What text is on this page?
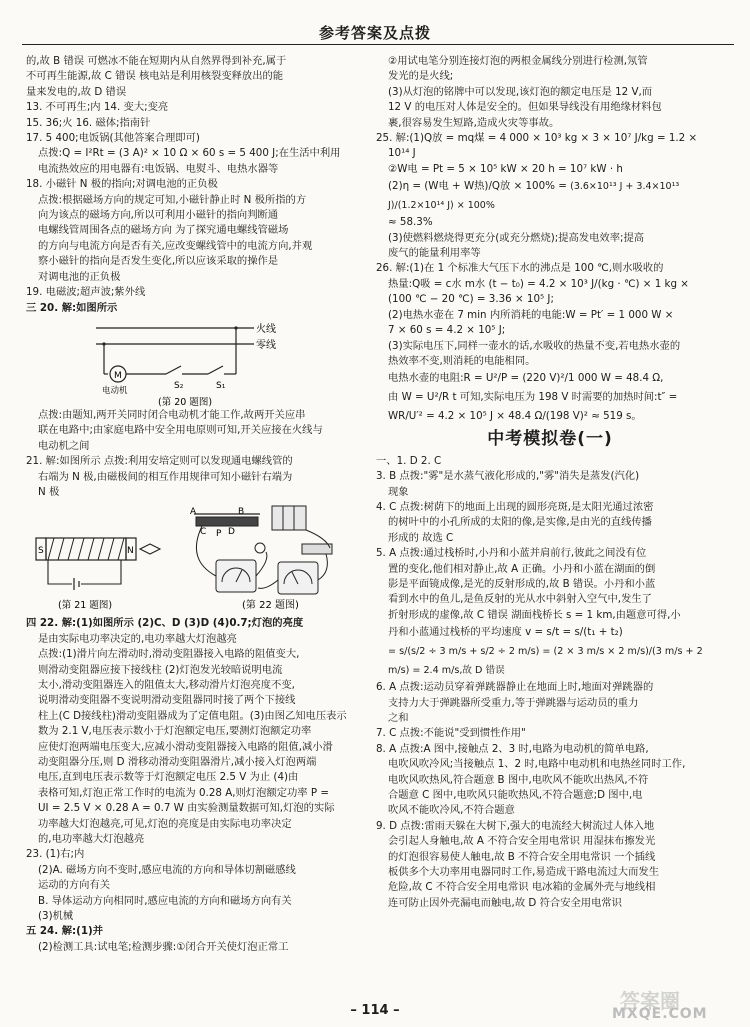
参考答案及点拨

的,故 B 错误 可燃冰不能在短期内从自然界得到补充,属于

不可再生能源,故 C 错误 核电站是利用核裂变释放出的能

量来发电的,故 D 错误

13. 不可再生;内 14. 变大;变亮

15. 36;火 16. 磁体;指南针

17. 5 400;电饭锅(其他答案合理即可)

点拨:Q = I²Rt = (3 A)² × 10 Ω × 60 s = 5 400 J;在生活中利用

电流热效应的用电器有:电饭锅、电熨斗、电热水器等

18. 小磁针 N 极的指向;对调电池的正负极

点拨:根据磁场方向的规定可知,小磁针静止时 N 极所指的方

向为该点的磁场方向,所以可利用小磁针的指向判断通

电螺线管周围各点的磁场方向 为了探究通电螺线管磁场

的方向与电流方向是否有关,应改变螺线管中的电流方向,并观

察小磁针的指向是否发生变化,所以应该采取的操作是

对调电池的正负极

19. 电磁波;超声波;紫外线

三 20. 解:如图所示

火线
零线
M
S₂	S₁
电动机
(第 20 题图)

点拨:由题知,两开关同时闭合电动机才能工作,故两开关应串

联在电路中;由家庭电路中安全用电原则可知,开关应接在火线与

电动机之间

21. 解:如图所示 点拨:利用安培定则可以发现通电螺线管的

右端为 N 极,由磁极间的相互作用规律可知小磁针右端为

N 极

S	N
(第 21 题图)
A	B
C D
P
(第 22 题图)

四 22. 解:(1)如图所示 (2)C、D (3)D (4)0.7;灯泡的亮度

是由实际电功率决定的,电功率越大灯泡越亮

点拨:(1)滑片向左滑动时,滑动变阻器接入电路的阻值变大,

则滑动变阻器应接下接线柱 (2)灯泡发光较暗说明电流

太小,滑动变阻器连入的阻值太大,移动滑片灯泡亮度不变,

说明滑动变阻器不变说明滑动变阻器同时接了两个下接线

柱上(C D接线柱)滑动变阻器成为了定值电阻。(3)由图乙知电压表示

数为 2.1 V,电压表示数小于灯泡额定电压,要测灯泡额定功率

应使灯泡两端电压变大,应减小滑动变阻器接入电路的阻值,减小滑

动变阻器分压,则 D 滑移动滑动变阻器滑片,减小接入灯泡两端

电压,直到电压表示数等于灯泡额定电压 2.5 V 为止 (4)由

表格可知,灯泡正常工作时的电流为 0.28 A,则灯泡额定功率 P =

UI = 2.5 V × 0.28 A = 0.7 W 由实验测量数据可知,灯泡的实际

功率越大灯泡越亮,可见,灯泡的亮度是由实际电功率决定

的,电功率越大灯泡越亮

23. (1)右;内

(2)A. 磁场方向不变时,感应电流的方向和导体切割磁感线

运动的方向有关

B. 导体运动方向相同时,感应电流的方向和磁场方向有关

(3)机械

五 24. 解:(1)并

(2)检测工具:试电笔;检测步骤:①闭合开关使灯泡正常工

②用试电笔分别连接灯泡的两根金属线分别进行检测,氖管

发光的是火线;

(3)从灯泡的铭牌中可以发现,该灯泡的额定电压是 12 V,而

12 V 的电压对人体是安全的。但如果导线没有用绝缘材料包

裹,很容易发生短路,造成火灾等事故。

25. 解:(1)Q放 = mq煤 = 4 000 × 10³ kg × 3 × 10⁷ J/kg = 1.2 ×

10¹⁴ J

②W电 = Pt = 5 × 10⁵ kW × 20 h = 10⁷ kW · h

(2)η = (W电 + W热)/Q放 × 100% = (3.6×10¹³ J + 3.4×10¹³ J)/(1.2×10¹⁴ J) × 100%

≈ 58.3%

(3)使燃料燃烧得更充分(或充分燃烧);提高发电效率;提高

废气的能量利用率等

26. 解:(1)在 1 个标准大气压下水的沸点是 100 ℃,则水吸收的

热量:Q吸 = c水 m水 (t − t₀) = 4.2 × 10³ J/(kg · ℃) × 1 kg ×

(100 ℃ − 20 ℃) = 3.36 × 10⁵ J;

(2)电热水壶在 7 min 内所消耗的电能:W = Pt′ = 1 000 W ×

7 × 60 s = 4.2 × 10⁵ J;

(3)实际电压下,同样一壶水的话,水吸收的热量不变,若电热水壶的

热效率不变,则消耗的电能相同。

电热水壶的电阻:R = U²/P = (220 V)²/1 000 W = 48.4 Ω,

由 W = U²/R t 可知,实际电压为 198 V 时需要的加热时间:t″ =

WR/U′² = 4.2 × 10⁵ J × 48.4 Ω/(198 V)² ≈ 519 s。

中考模拟卷(一)

一、1. D 2. C

3. B 点拨:"雾"是水蒸气液化形成的,"雾"消失是蒸发(汽化)

现象

4. C 点拨:树荫下的地面上出现的圆形亮斑,是太阳光通过浓密

的树叶中的小孔所成的太阳的像,是实像,是由光的直线传播

形成的 故选 C

5. A 点拨:通过栈桥时,小丹和小蓝并肩前行,彼此之间没有位

置的变化,他们相对静止,故 A 正确。小丹和小蓝在湖面的倒

影是平面镜成像,是光的反射形成的,故 B 错误。小丹和小蓝

看到水中的鱼儿,是鱼反射的光从水中斜射入空气中,发生了

折射形成的虚像,故 C 错误 湖面栈桥长 s = 1 km,由题意可得,小

丹和小蓝通过栈桥的平均速度 v = s/t = s/(t₁ + t₂)

= s/(s/2 ÷ 3 m/s + s/2 ÷ 2 m/s) = (2 × 3 m/s × 2 m/s)/(3 m/s + 2 m/s) = 2.4 m/s,故 D 错误

6. A 点拨:运动员穿着弹跳器静止在地面上时,地面对弹跳器的

支持力大于弹跳器所受重力,等于弹跳器与运动员的重力

之和

7. C 点拨:不能说"受到惯性作用"

8. A 点拨:A 图中,接触点 2、3 时,电路为电动机的简单电路,

电吹风吹冷风;当接触点 1、2 时,电路中电动机和电热丝同时工作,

电吹风吹热风,符合题意 B 图中,电吹风不能吹出热风,不符

合题意 C 图中,电吹风只能吹热风,不符合题意;D 图中,电

吹风不能吹冷风,不符合题意

9. D 点拨:雷雨天躲在大树下,强大的电流经大树流过人体入地

会引起人身触电,故 A 不符合安全用电常识 用湿抹布擦发光

的灯泡很容易使人触电,故 B 不符合安全用电常识 一个插线

板供多个大功率用电器同时工作,易造成干路电流过大而发生

危险,故 C 不符合安全用电常识 电冰箱的金属外壳与地线相

连可防止因外壳漏电而触电,故 D 符合安全用电常识

– 114 –	答案圈
MXQE.COM
